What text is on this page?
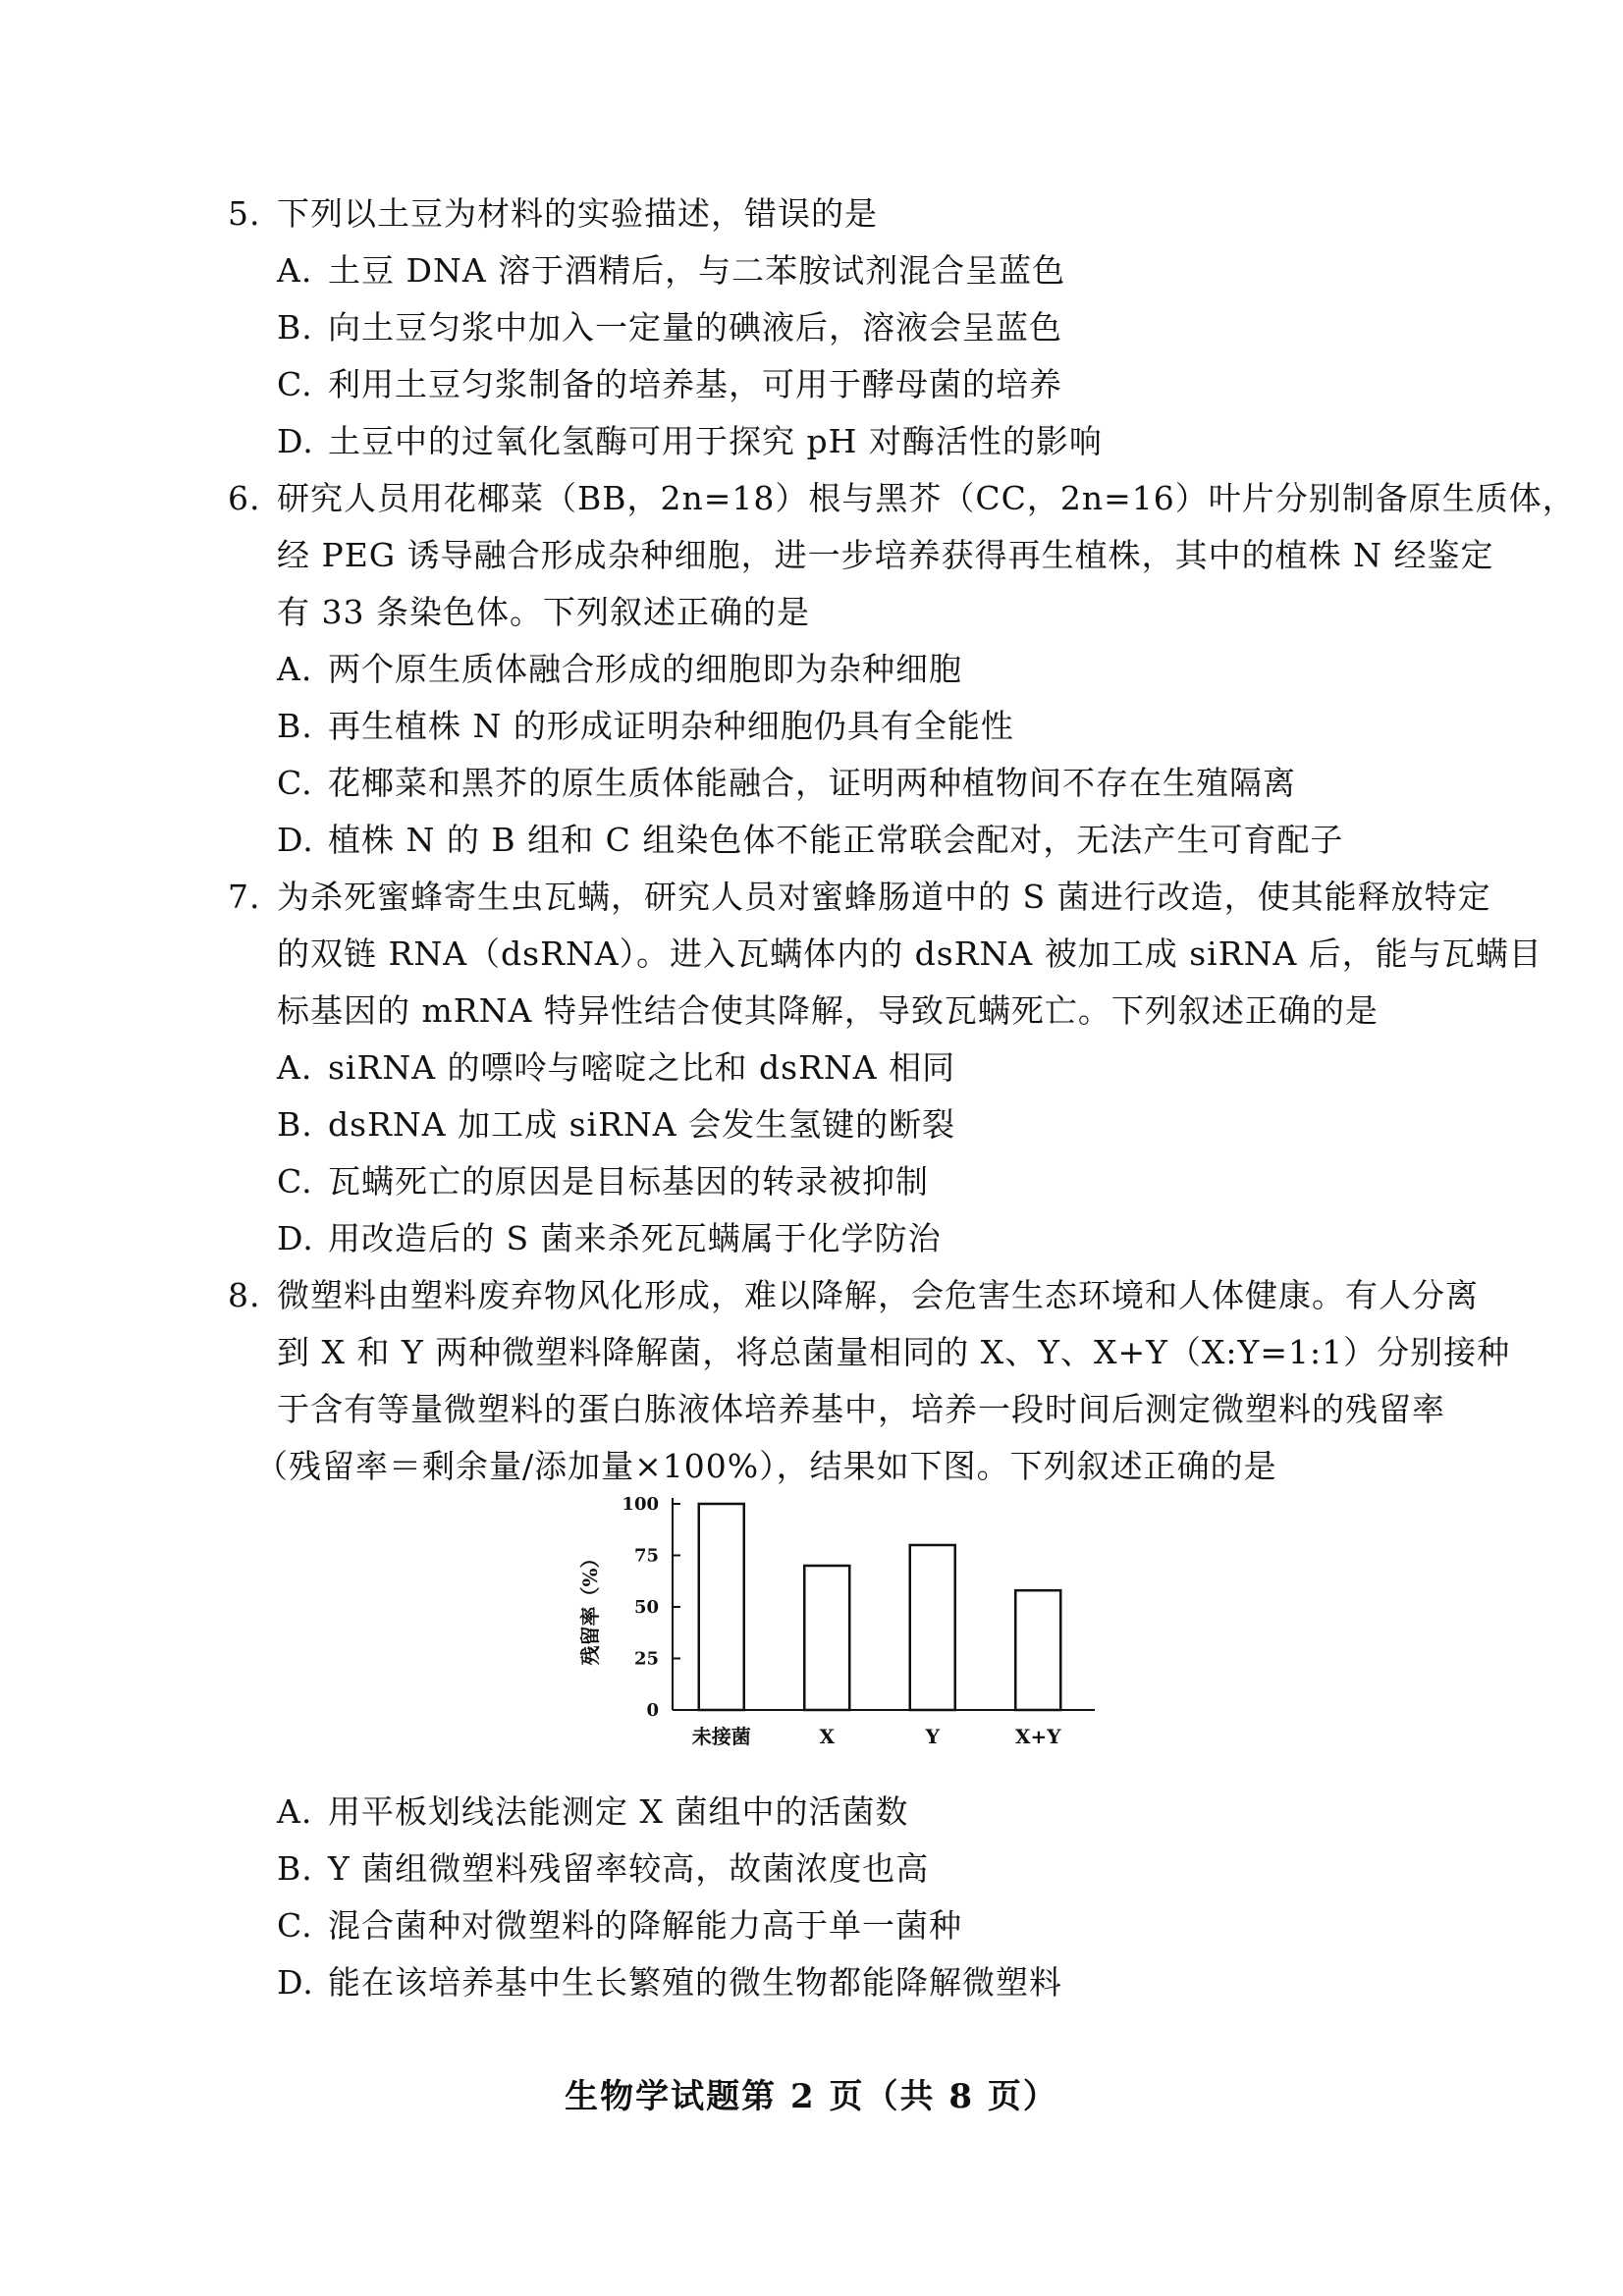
5. 下列以土豆为材料的实验描述，错误的是
A. 土豆 DNA 溶于酒精后，与二苯胺试剂混合呈蓝色
B. 向土豆匀浆中加入一定量的碘液后，溶液会呈蓝色
C. 利用土豆匀浆制备的培养基，可用于酵母菌的培养
D. 土豆中的过氧化氢酶可用于探究 pH 对酶活性的影响
6. 研究人员用花椰菜（BB，2n=18）根与黑芥（CC，2n=16）叶片分别制备原生质体，
经 PEG 诱导融合形成杂种细胞，进一步培养获得再生植株，其中的植株 N 经鉴定
有 33 条染色体。下列叙述正确的是
A. 两个原生质体融合形成的细胞即为杂种细胞
B. 再生植株 N 的形成证明杂种细胞仍具有全能性
C. 花椰菜和黑芥的原生质体能融合，证明两种植物间不存在生殖隔离
D. 植株 N 的 B 组和 C 组染色体不能正常联会配对，无法产生可育配子
7. 为杀死蜜蜂寄生虫瓦螨，研究人员对蜜蜂肠道中的 S 菌进行改造，使其能释放特定
的双链 RNA（dsRNA）。进入瓦螨体内的 dsRNA 被加工成 siRNA 后，能与瓦螨目
标基因的 mRNA 特异性结合使其降解，导致瓦螨死亡。下列叙述正确的是
A. siRNA 的嘌呤与嘧啶之比和 dsRNA 相同
B. dsRNA 加工成 siRNA 会发生氢键的断裂
C. 瓦螨死亡的原因是目标基因的转录被抑制
D. 用改造后的 S 菌来杀死瓦螨属于化学防治
8. 微塑料由塑料废弃物风化形成，难以降解，会危害生态环境和人体健康。有人分离
到 X 和 Y 两种微塑料降解菌，将总菌量相同的 X、Y、X+Y（X:Y=1:1）分别接种
于含有等量微塑料的蛋白胨液体培养基中，培养一段时间后测定微塑料的残留率
（残留率＝剩余量/添加量×100%），结果如下图。下列叙述正确的是
0
25
50
75
100
残留率（%）
未接菌	X	Y	X+Y
A. 用平板划线法能测定 X 菌组中的活菌数
B. Y 菌组微塑料残留率较高，故菌浓度也高
C. 混合菌种对微塑料的降解能力高于单一菌种
D. 能在该培养基中生长繁殖的微生物都能降解微塑料
生物学试题第 2 页（共 8 页）
